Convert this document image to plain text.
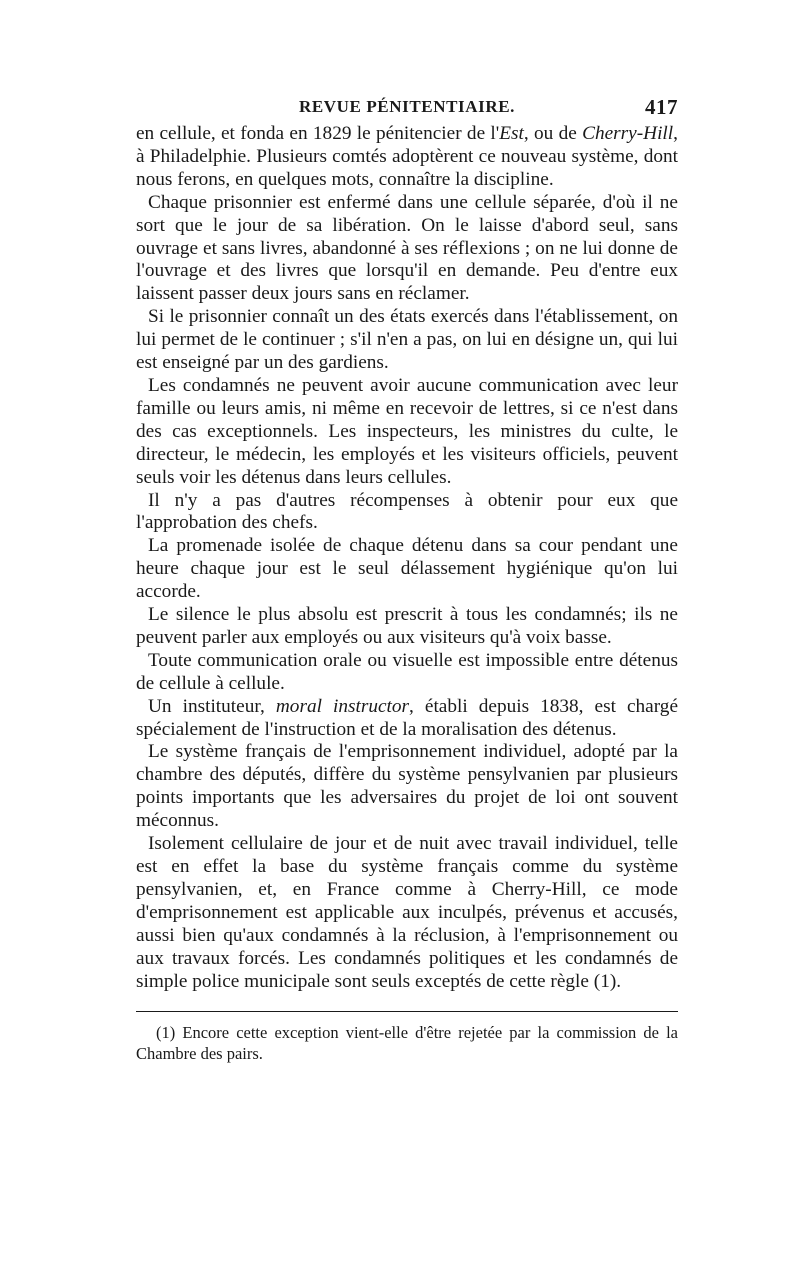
REVUE PÉNITENTIAIRE.	417

en cellule, et fonda en 1829 le pénitencier de l'Est, ou de Cherry-Hill, à Philadelphie. Plusieurs comtés adoptèrent ce nouveau système, dont nous ferons, en quelques mots, connaître la discipline.

Chaque prisonnier est enfermé dans une cellule séparée, d'où il ne sort que le jour de sa libération. On le laisse d'abord seul, sans ouvrage et sans livres, abandonné à ses réflexions ; on ne lui donne de l'ouvrage et des livres que lorsqu'il en demande. Peu d'entre eux laissent passer deux jours sans en réclamer.

Si le prisonnier connaît un des états exercés dans l'établissement, on lui permet de le continuer ; s'il n'en a pas, on lui en désigne un, qui lui est enseigné par un des gardiens.

Les condamnés ne peuvent avoir aucune communication avec leur famille ou leurs amis, ni même en recevoir de lettres, si ce n'est dans des cas exceptionnels. Les inspecteurs, les ministres du culte, le directeur, le médecin, les employés et les visiteurs officiels, peuvent seuls voir les détenus dans leurs cellules.

Il n'y a pas d'autres récompenses à obtenir pour eux que l'approbation des chefs.

La promenade isolée de chaque détenu dans sa cour pendant une heure chaque jour est le seul délassement hygiénique qu'on lui accorde.

Le silence le plus absolu est prescrit à tous les condamnés; ils ne peuvent parler aux employés ou aux visiteurs qu'à voix basse.

Toute communication orale ou visuelle est impossible entre détenus de cellule à cellule.

Un instituteur, moral instructor, établi depuis 1838, est chargé spécialement de l'instruction et de la moralisation des détenus.

Le système français de l'emprisonnement individuel, adopté par la chambre des députés, diffère du système pensylvanien par plusieurs points importants que les adversaires du projet de loi ont souvent méconnus.

Isolement cellulaire de jour et de nuit avec travail individuel, telle est en effet la base du système français comme du système pensylvanien, et, en France comme à Cherry-Hill, ce mode d'emprisonnement est applicable aux inculpés, prévenus et accusés, aussi bien qu'aux condamnés à la réclusion, à l'emprisonnement ou aux travaux forcés. Les condamnés politiques et les condamnés de simple police municipale sont seuls exceptés de cette règle (1).

(1) Encore cette exception vient-elle d'être rejetée par la commission de la Chambre des pairs.
